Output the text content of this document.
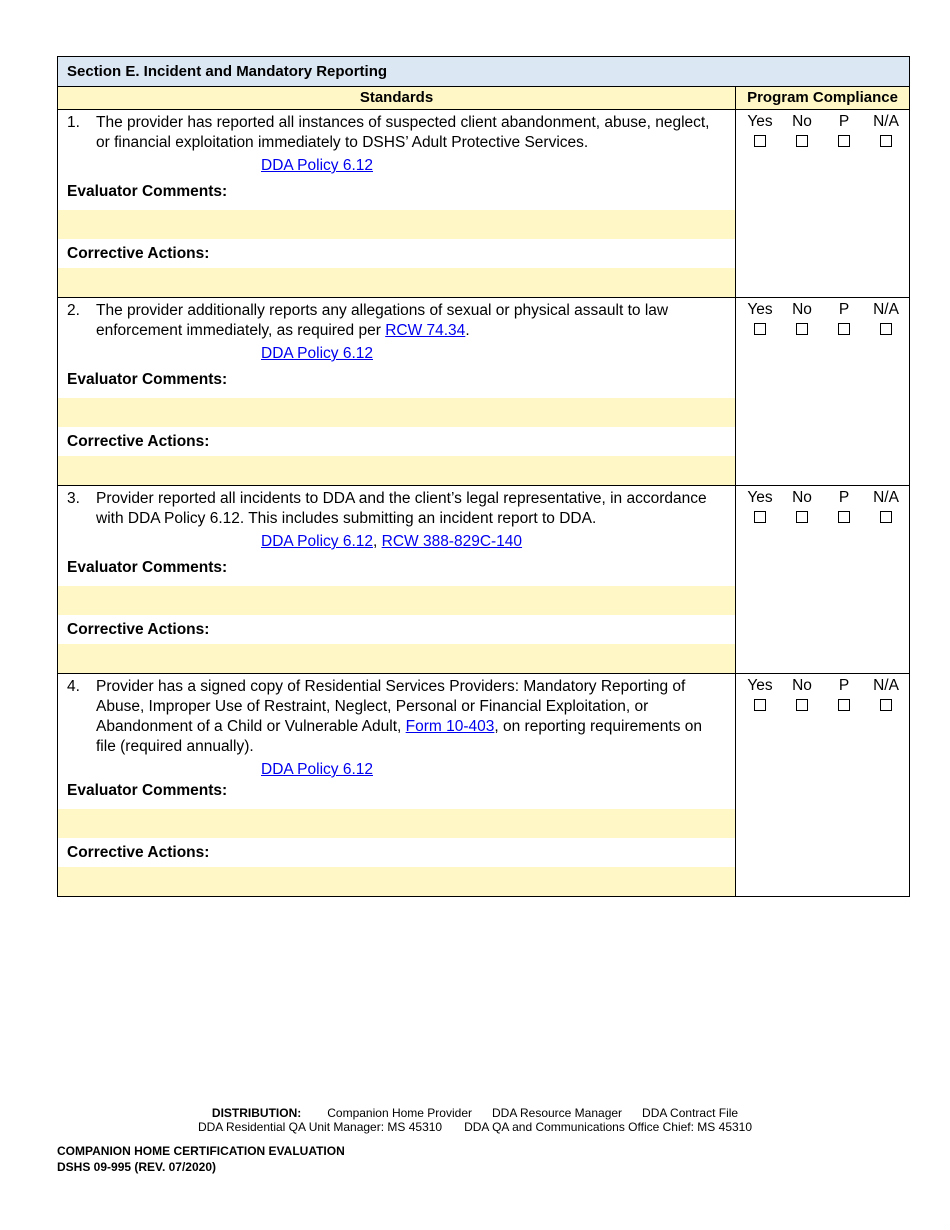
Section E. Incident and Mandatory Reporting
Standards	Program Compliance
1.	The provider has reported all instances of suspected client abandonment, abuse, neglect, or financial exploitation immediately to DSHS’ Adult Protective Services.
DDA Policy 6.12
Evaluator Comments:
Corrective Actions:
Yes	No	P	N/A
2.	The provider additionally reports any allegations of sexual or physical assault to law enforcement immediately, as required per RCW 74.34.
DDA Policy 6.12
Evaluator Comments:
Corrective Actions:
Yes	No	P	N/A
3.	Provider reported all incidents to DDA and the client’s legal representative, in accordance with DDA Policy 6.12. This includes submitting an incident report to DDA.
DDA Policy 6.12, RCW 388-829C-140
Evaluator Comments:
Corrective Actions:
Yes	No	P	N/A
4.	Provider has a signed copy of Residential Services Providers: Mandatory Reporting of Abuse, Improper Use of Restraint, Neglect, Personal or Financial Exploitation, or Abandonment of a Child or Vulnerable Adult, Form 10-403, on reporting requirements on file (required annually).
DDA Policy 6.12
Evaluator Comments:
Corrective Actions:
Yes	No	P	N/A
DISTRIBUTION: Companion Home Provider DDA Resource Manager DDA Contract File
DDA Residential QA Unit Manager: MS 45310 DDA QA and Communications Office Chief: MS 45310
COMPANION HOME CERTIFICATION EVALUATION
DSHS 09-995 (REV. 07/2020)
